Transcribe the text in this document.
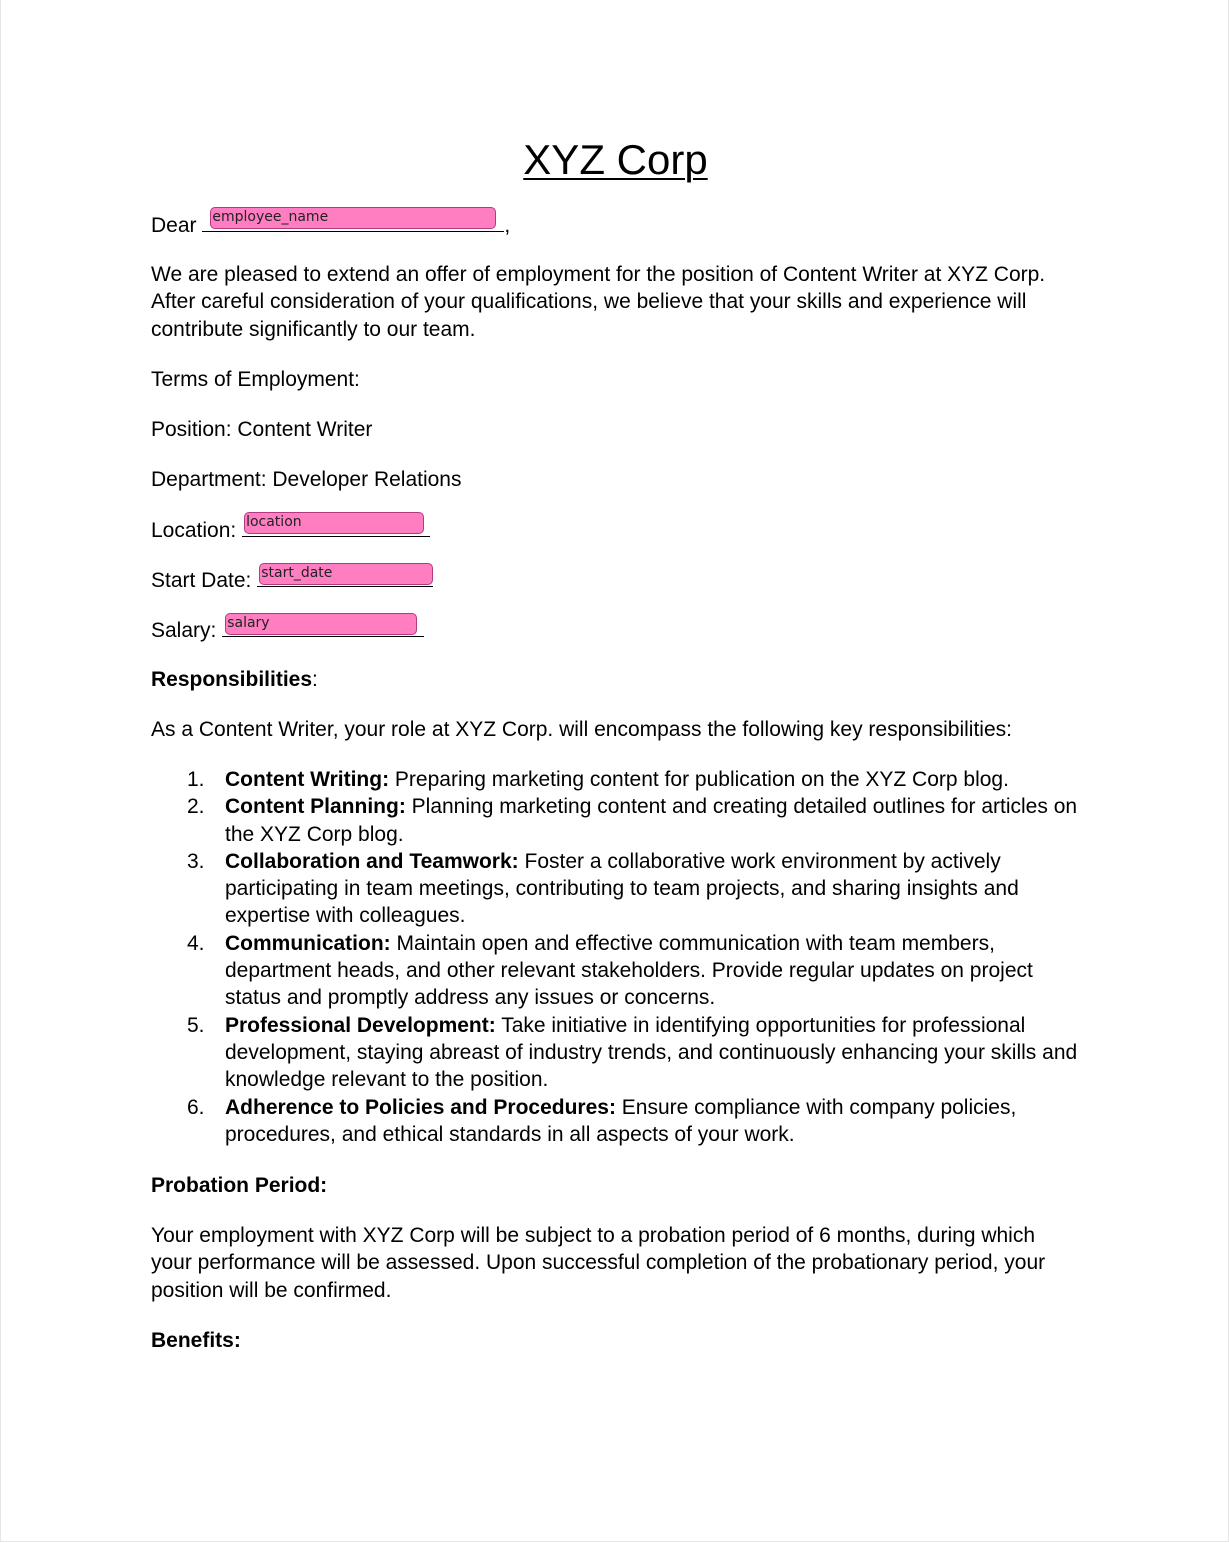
XYZ Corp
Dear employee_name	,
We are pleased to extend an offer of employment for the position of Content Writer at XYZ Corp. After careful consideration of your qualifications, we believe that your skills and experience will contribute significantly to our team.
Terms of Employment:
Position: Content Writer
Department: Developer Relations
Location: location
Start Date: start_date
Salary: salary
Responsibilities:
As a Content Writer, your role at XYZ Corp. will encompass the following key responsibilities:
1. Content Writing: Preparing marketing content for publication on the XYZ Corp blog.
2. Content Planning: Planning marketing content and creating detailed outlines for articles on the XYZ Corp blog.
3. Collaboration and Teamwork: Foster a collaborative work environment by actively participating in team meetings, contributing to team projects, and sharing insights and expertise with colleagues.
4. Communication: Maintain open and effective communication with team members, department heads, and other relevant stakeholders. Provide regular updates on project status and promptly address any issues or concerns.
5. Professional Development: Take initiative in identifying opportunities for professional development, staying abreast of industry trends, and continuously enhancing your skills and knowledge relevant to the position.
6. Adherence to Policies and Procedures: Ensure compliance with company policies, procedures, and ethical standards in all aspects of your work.
Probation Period:
Your employment with XYZ Corp will be subject to a probation period of 6 months, during which your performance will be assessed. Upon successful completion of the probationary period, your position will be confirmed.
Benefits:
